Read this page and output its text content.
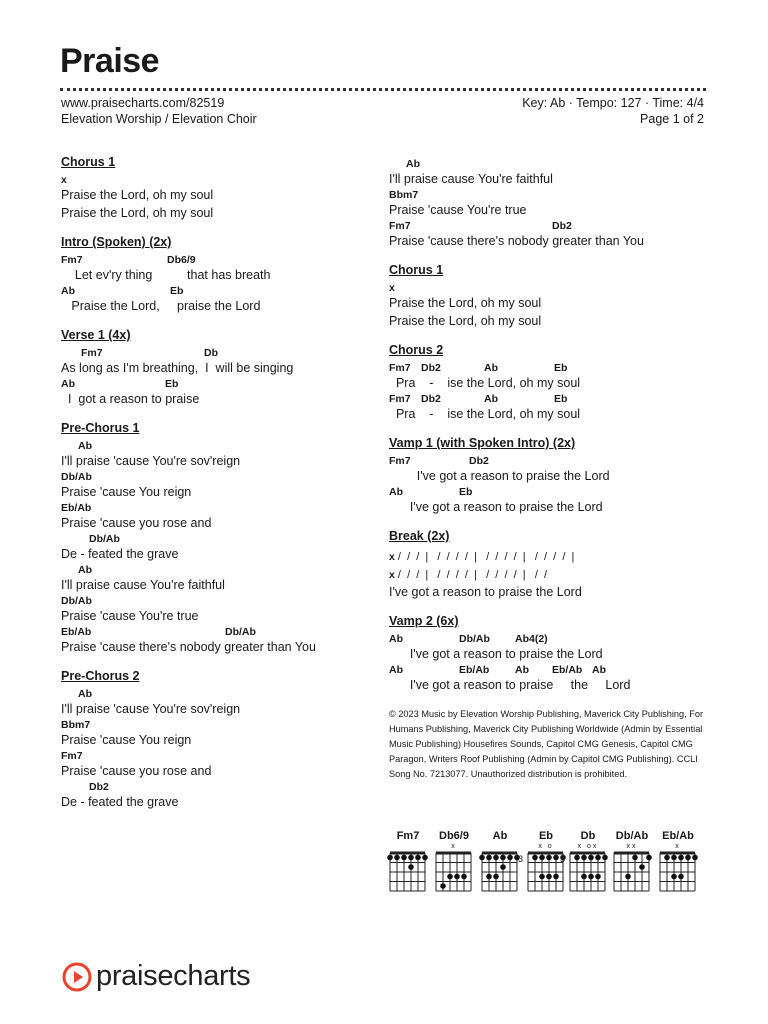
Praise
www.praisecharts.com/82519
Elevation Worship / Elevation Choir
Key: Ab · Tempo: 127 · Time: 4/4
Page 1 of 2
Chorus 1
x
Praise the Lord, oh my soul
Praise the Lord, oh my soul
Intro (Spoken) (2x)
Fm7	Db6/9
Let ev'ry thing          that has breath
Ab	Eb
Praise the Lord,     praise the Lord
Verse 1 (4x)
Fm7	Db
As long as I'm breathing,  I  will be singing
Ab	Eb
I  got a reason to praise
Pre-Chorus 1
Ab
I'll praise 'cause You're sov'reign
Db/Ab
Praise 'cause You reign
Eb/Ab
Praise 'cause you rose and
Db/Ab
De - feated the grave
Ab
I'll praise cause You're faithful
Db/Ab
Praise 'cause You're true
Eb/Ab	Db/Ab
Praise 'cause there's nobody greater than You
Pre-Chorus 2
Ab
I'll praise 'cause You're sov'reign
Bbm7
Praise 'cause You reign
Fm7
Praise 'cause you rose and
Db2
De - feated the grave
Ab
I'll praise cause You're faithful
Bbm7
Praise 'cause You're true
Fm7	Db2
Praise 'cause there's nobody greater than You
Chorus 1
x
Praise the Lord, oh my soul
Praise the Lord, oh my soul
Chorus 2
Fm7 Db2	Ab	Eb
Pra    -    ise the Lord, oh my soul
Fm7 Db2	Ab	Eb
Pra    -    ise the Lord, oh my soul
Vamp 1 (with Spoken Intro) (2x)
Fm7	Db2
I've got a reason to praise the Lord
Ab	Eb
I've got a reason to praise the Lord
Break (2x)
x /  /  /  |   /  /  /  /  |   /  /  /  /  |   /  /  /  /  |
x /  /  /  |   /  /  /  /  |   /  /  /  /  |   /  /
I've got a reason to praise the Lord
Vamp 2 (6x)
Ab	Db/Ab Ab4(2)
I've got a reason to praise the Lord
Ab	Eb/Ab Ab Eb/Ab Ab
I've got a reason to praise     the     Lord
© 2023 Music by Elevation Worship Publishing, Maverick City Publishing, For Humans Publishing, Maverick City Publishing Worldwide (Admin by Essential Music Publishing) Housefires Sounds, Capitol CMG Genesis, Capitol CMG Paragon, Writers Roof Publishing (Admin by Capitol CMG Publishing). CCLI Song No. 7213077. Unauthorized distribution is prohibited.
Fm7	Db6/9
x
Ab	Eb
x o
3
Db
x ox
3
Db/Ab
xx
Eb/Ab
x
praisecharts
